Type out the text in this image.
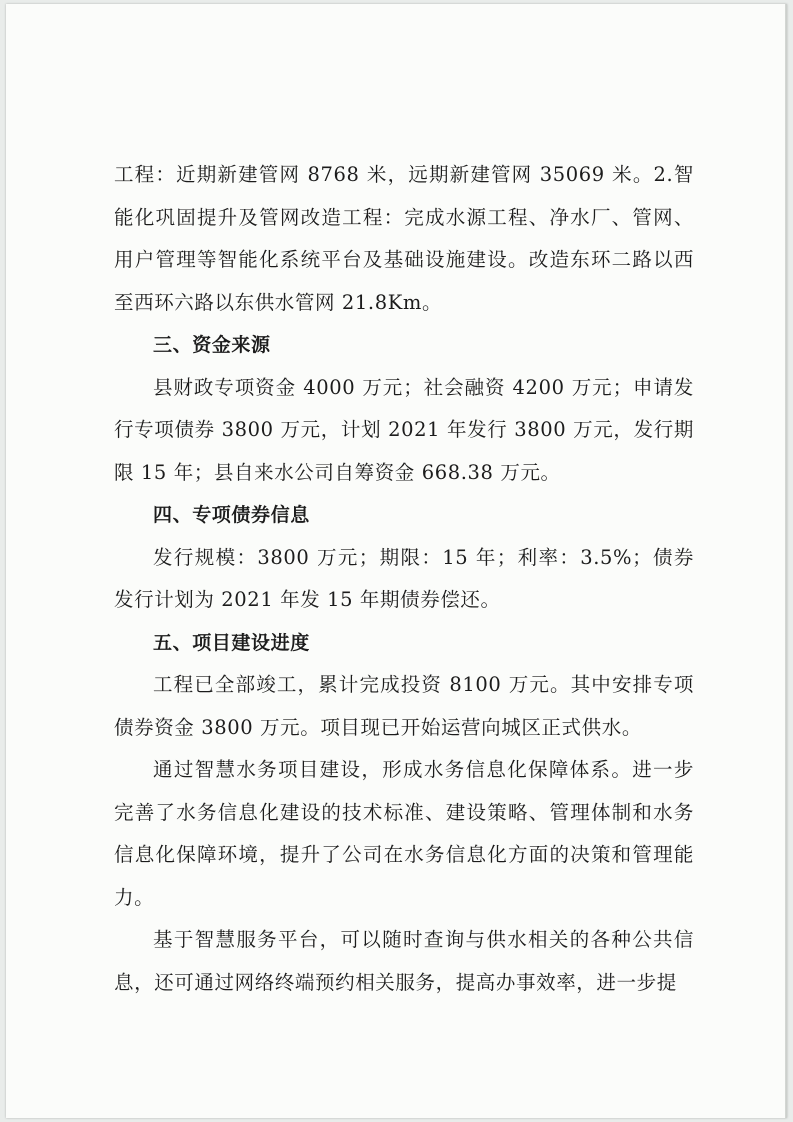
工程：近期新建管网 8768 米，远期新建管网 35069 米。2.智能化巩固提升及管网改造工程：完成水源工程、净水厂、管网、用户管理等智能化系统平台及基础设施建设。改造东环二路以西至西环六路以东供水管网 21.8Km。

三、资金来源

县财政专项资金 4000 万元；社会融资 4200 万元；申请发行专项债券 3800 万元，计划 2021 年发行 3800 万元，发行期限 15 年；县自来水公司自筹资金 668.38 万元。

四、专项债券信息

发行规模：3800 万元；期限：15 年；利率：3.5%；债券发行计划为 2021 年发 15 年期债券偿还。

五、项目建设进度

工程已全部竣工，累计完成投资 8100 万元。其中安排专项债券资金 3800 万元。项目现已开始运营向城区正式供水。

通过智慧水务项目建设，形成水务信息化保障体系。进一步完善了水务信息化建设的技术标准、建设策略、管理体制和水务信息化保障环境，提升了公司在水务信息化方面的决策和管理能力。

基于智慧服务平台，可以随时查询与供水相关的各种公共信息，还可通过网络终端预约相关服务，提高办事效率，进一步提
